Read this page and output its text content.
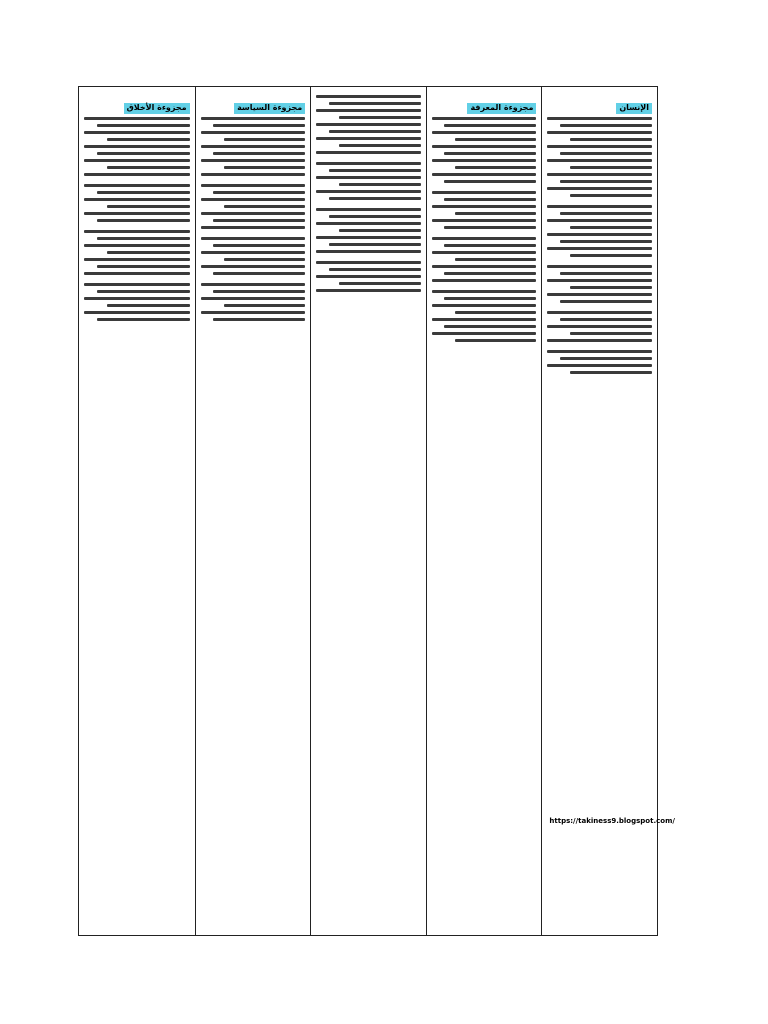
الإنسان
https://takiness9.blogspot.com/
مجزوءة المعرفة
مجزوءة السياسة
مجزوءة الأخلاق
